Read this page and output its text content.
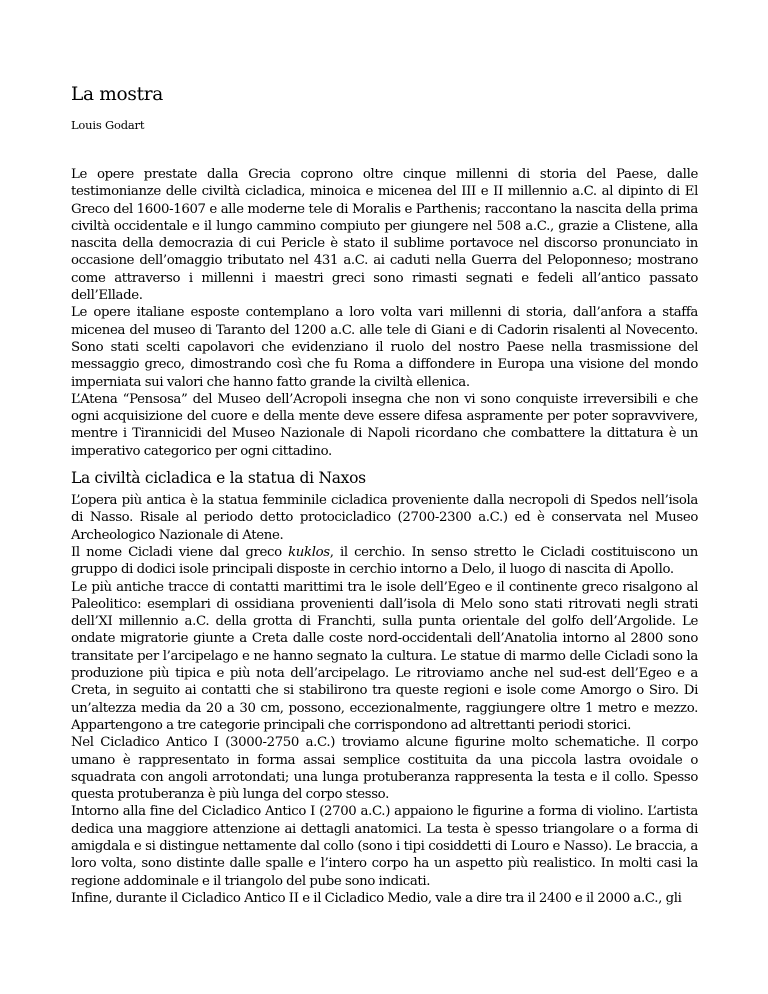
La mostra

Louis Godart

Le opere prestate dalla Grecia coprono oltre cinque millenni di storia del Paese, dalle testimonianze delle civiltà cicladica, minoica e micenea del III e II millennio a.C. al dipinto di El Greco del 1600-1607 e alle moderne tele di Moralis e Parthenis; raccontano la nascita della prima civiltà occidentale e il lungo cammino compiuto per giungere nel 508 a.C., grazie a Clistene, alla nascita della democrazia di cui Pericle è stato il sublime portavoce nel discorso pronunciato in occasione dell’omaggio tributato nel 431 a.C. ai caduti nella Guerra del Peloponneso; mostrano come attraverso i millenni i maestri greci sono rimasti segnati e fedeli all’antico passato dell’Ellade.

Le opere italiane esposte contemplano a loro volta vari millenni di storia, dall’anfora a staffa micenea del museo di Taranto del 1200 a.C. alle tele di Giani e di Cadorin risalenti al Novecento. Sono stati scelti capolavori che evidenziano il ruolo del nostro Paese nella trasmissione del messaggio greco, dimostrando così che fu Roma a diffondere in Europa una visione del mondo imperniata sui valori che hanno fatto grande la civiltà ellenica.

L’Atena “Pensosa” del Museo dell’Acropoli insegna che non vi sono conquiste irreversibili e che ogni acquisizione del cuore e della mente deve essere difesa aspramente per poter sopravvivere, mentre i Tirannicidi del Museo Nazionale di Napoli ricordano che combattere la dittatura è un imperativo categorico per ogni cittadino.

La civiltà cicladica e la statua di Naxos

L’opera più antica è la statua femminile cicladica proveniente dalla necropoli di Spedos nell’isola di Nasso. Risale al periodo detto protocicladico (2700-2300 a.C.) ed è conservata nel Museo Archeologico Nazionale di Atene.

Il nome Cicladi viene dal greco kuklos, il cerchio. In senso stretto le Cicladi costituiscono un gruppo di dodici isole principali disposte in cerchio intorno a Delo, il luogo di nascita di Apollo.

Le più antiche tracce di contatti marittimi tra le isole dell’Egeo e il continente greco risalgono al Paleolitico: esemplari di ossidiana provenienti dall’isola di Melo sono stati ritrovati negli strati dell’XI millennio a.C. della grotta di Franchti, sulla punta orientale del golfo dell’Argolide. Le ondate migratorie giunte a Creta dalle coste nord-occidentali dell’Anatolia intorno al 2800 sono transitate per l’arcipelago e ne hanno segnato la cultura. Le statue di marmo delle Cicladi sono la produzione più tipica e più nota dell’arcipelago. Le ritroviamo anche nel sud-est dell’Egeo e a Creta, in seguito ai contatti che si stabilirono tra queste regioni e isole come Amorgo o Siro. Di un’altezza media da 20 a 30 cm, possono, eccezionalmente, raggiungere oltre 1 metro e mezzo. Appartengono a tre categorie principali che corrispondono ad altrettanti periodi storici.

Nel Cicladico Antico I (3000-2750 a.C.) troviamo alcune figurine molto schematiche. Il corpo umano è rappresentato in forma assai semplice costituita da una piccola lastra ovoidale o squadrata con angoli arrotondati; una lunga protuberanza rappresenta la testa e il collo. Spesso questa protuberanza è più lunga del corpo stesso.

Intorno alla fine del Cicladico Antico I (2700 a.C.) appaiono le figurine a forma di violino. L’artista dedica una maggiore attenzione ai dettagli anatomici. La testa è spesso triangolare o a forma di amigdala e si distingue nettamente dal collo (sono i tipi cosiddetti di Louro e Nasso). Le braccia, a loro volta, sono distinte dalle spalle e l’intero corpo ha un aspetto più realistico. In molti casi la regione addominale e il triangolo del pube sono indicati.

Infine, durante il Cicladico Antico II e il Cicladico Medio, vale a dire tra il 2400 e il 2000 a.C., gli
